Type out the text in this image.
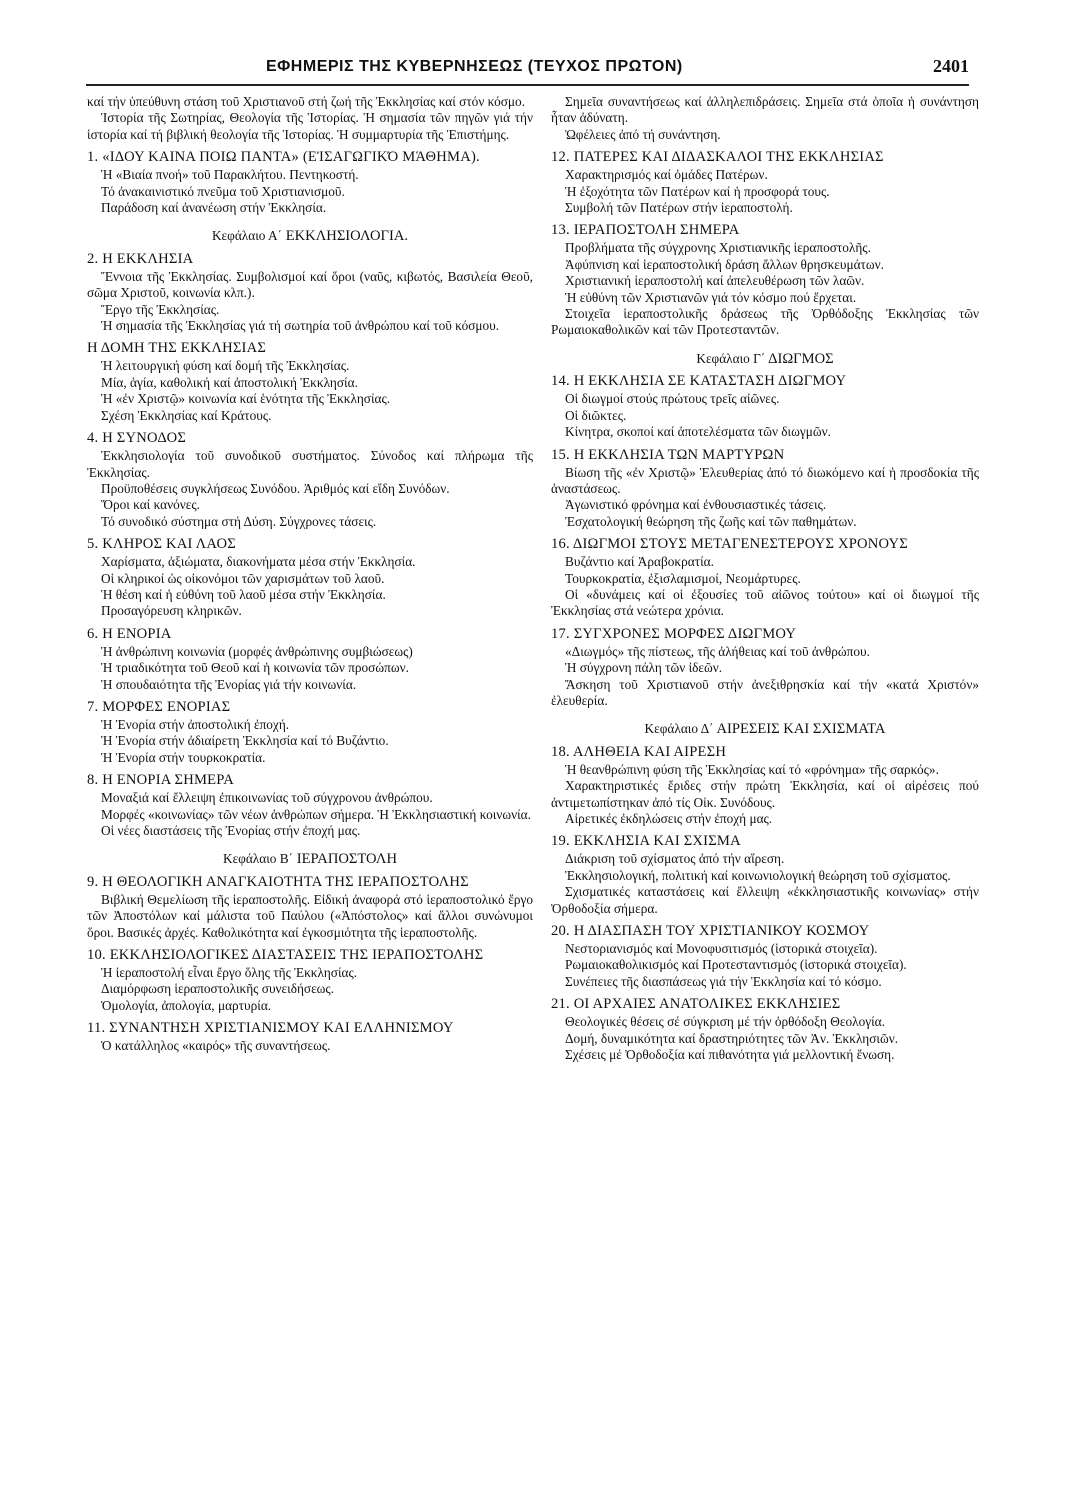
ΕΦΗΜΕΡΙΣ ΤΗΣ ΚΥΒΕΡΝΗΣΕΩΣ (ΤΕΥΧΟΣ ΠΡΩΤΟΝ)	2401

καί τήν ὑπεύθυνη στάση τοῦ Χριστιανοῦ στή ζωή τῆς Ἐκκλησίας καί στόν κόσμο.

Ἱστορία τῆς Σωτηρίας, Θεολογία τῆς Ἱστορίας. Ἡ σημασία τῶν πηγῶν γιά τήν ἱστορία καί τή βιβλική θεολογία τῆς Ἱστορίας. Ἡ συμμαρτυρία τῆς Ἐπιστήμης.

1. «ΙΔΟΥ ΚΑΙΝΑ ΠΟΙΩ ΠΑΝΤΑ» (ΕἸΣΑΓΩΓΙΚΌ ΜΆΘΗΜΑ).

Ἡ «Βιαία πνοή» τοῦ Παρακλήτου. Πεντηκοστή.

Τό ἀνακαινιστικό πνεῦμα τοῦ Χριστιανισμοῦ.

Παράδοση καί ἀνανέωση στήν Ἐκκλησία.

Κεφάλαιο Α΄ ΕΚΚΛΗΣΙΟΛΟΓΙΑ.
2. Η ΕΚΚΛΗΣΙΑ

Ἔννοια τῆς Ἐκκλησίας. Συμβολισμοί καί ὅροι (ναῦς, κιβωτός, Βασιλεία Θεοῦ, σῶμα Χριστοῦ, κοινωνία κλπ.).

Ἔργο τῆς Ἐκκλησίας.

Ἡ σημασία τῆς Ἐκκλησίας γιά τή σωτηρία τοῦ ἀνθρώπου καί τοῦ κόσμου.

Η ΔΟΜΗ ΤΗΣ ΕΚΚΛΗΣΙΑΣ

Ἡ λειτουργική φύση καί δομή τῆς Ἐκκλησίας.

Μία, ἁγία, καθολική καί ἀποστολική Ἐκκλησία.

Ἡ «ἐν Χριστῷ» κοινωνία καί ἑνότητα τῆς Ἐκκλησίας.

Σχέση Ἐκκλησίας καί Κράτους.

4. Η ΣΥΝΟΔΟΣ

Ἐκκλησιολογία τοῦ συνοδικοῦ συστήματος. Σύνοδος καί πλήρωμα τῆς Ἐκκλησίας.

Προϋποθέσεις συγκλήσεως Συνόδου. Ἀριθμός καί εἴδη Συνόδων.

Ὅροι καί κανόνες.

Τό συνοδικό σύστημα στή Δύση. Σύγχρονες τάσεις.

5. ΚΛΗΡΟΣ ΚΑΙ ΛΑΟΣ

Χαρίσματα, ἀξιώματα, διακονήματα μέσα στήν Ἐκκλησία.

Οἱ κληρικοί ὡς οἰκονόμοι τῶν χαρισμάτων τοῦ λαοῦ.

Ἡ θέση καί ἡ εὐθύνη τοῦ λαοῦ μέσα στήν Ἐκκλησία.

Προσαγόρευση κληρικῶν.

6. Η ΕΝΟΡΙΑ

Ἡ ἀνθρώπινη κοινωνία (μορφές ἀνθρώπινης συμβιώσεως)

Ἡ τριαδικότητα τοῦ Θεοῦ καί ἡ κοινωνία τῶν προσώπων.

Ἡ σπουδαιότητα τῆς Ἐνορίας γιά τήν κοινωνία.

7. ΜΟΡΦΕΣ ΕΝΟΡΙΑΣ

Ἡ Ἐνορία στήν ἀποστολική ἐποχή.

Ἡ Ἐνορία στήν ἀδιαίρετη Ἐκκλησία καί τό Βυζάντιο.

Ἡ Ἐνορία στήν τουρκοκρατία.

8. Η ΕΝΟΡΙΑ ΣΗΜΕΡΑ

Μοναξιά καί ἔλλειψη ἐπικοινωνίας τοῦ σύγχρονου ἀνθρώπου.

Μορφές «κοινωνίας» τῶν νέων ἀνθρώπων σήμερα. Ἡ Ἐκκλησιαστική κοινωνία.

Οἱ νέες διαστάσεις τῆς Ἐνορίας στήν ἐποχή μας.

Κεφάλαιο Β΄ ΙΕΡΑΠΟΣΤΟΛΗ
9. Η ΘΕΟΛΟΓΙΚΗ ΑΝΑΓΚΑΙΟΤΗΤΑ ΤΗΣ ΙΕΡΑΠΟΣΤΟΛΗΣ

Βιβλική Θεμελίωση τῆς ἱεραποστολῆς. Εἰδική ἀναφορά στό ἱεραποστολικό ἔργο τῶν Ἀποστόλων καί μάλιστα τοῦ Παύλου («Ἀπόστολος» καί ἄλλοι συνώνυμοι ὅροι. Βασικές ἀρχές. Καθολικότητα καί ἐγκοσμιότητα τῆς ἱεραποστολῆς.

10. ΕΚΚΛΗΣΙΟΛΟΓΙΚΕΣ ΔΙΑΣΤΑΣΕΙΣ ΤΗΣ ΙΕΡΑΠΟΣΤΟΛΗΣ

Ἡ ἱεραποστολή εἶναι ἔργο ὅλης τῆς Ἐκκλησίας.

Διαμόρφωση ἱεραποστολικῆς συνειδήσεως.

Ὁμολογία, ἀπολογία, μαρτυρία.

11. ΣΥΝΑΝΤΗΣΗ ΧΡΙΣΤΙΑΝΙΣΜΟΥ ΚΑΙ ΕΛΛΗΝΙΣΜΟΥ

Ὁ κατάλληλος «καιρός» τῆς συναντήσεως.

Σημεῖα συναντήσεως καί ἀλληλεπιδράσεις. Σημεῖα στά ὁποῖα ἡ συνάντηση ἦταν ἀδύνατη.

Ὠφέλειες ἀπό τή συνάντηση.

12. ΠΑΤΕΡΕΣ ΚΑΙ ΔΙΔΑΣΚΑΛΟΙ ΤΗΣ ΕΚΚΛΗΣΙΑΣ

Χαρακτηρισμός καί ὁμάδες Πατέρων.

Ἡ ἐξοχότητα τῶν Πατέρων καί ἡ προσφορά τους.

Συμβολή τῶν Πατέρων στήν ἱεραποστολή.

13. ΙΕΡΑΠΟΣΤΟΛΗ ΣΗΜΕΡΑ

Προβλήματα τῆς σύγχρονης Χριστιανικῆς ἱεραποστολῆς.

Ἀφύπνιση καί ἱεραποστολική δράση ἄλλων θρησκευμάτων.

Χριστιανική ἱεραποστολή καί ἀπελευθέρωση τῶν λαῶν.

Ἡ εὐθύνη τῶν Χριστιανῶν γιά τόν κόσμο πού ἔρχεται.

Στοιχεῖα ἱεραποστολικῆς δράσεως τῆς Ὀρθόδοξης Ἐκκλησίας τῶν Ρωμαιοκαθολικῶν καί τῶν Προτεσταντῶν.

Κεφάλαιο Γ΄ ΔΙΩΓΜΟΣ
14. Η ΕΚΚΛΗΣΙΑ ΣΕ ΚΑΤΑΣΤΑΣΗ ΔΙΩΓΜΟΥ

Οἱ διωγμοί στούς πρώτους τρεῖς αἰῶνες.

Οἱ διῶκτες.

Κίνητρα, σκοποί καί ἀποτελέσματα τῶν διωγμῶν.

15. Η ΕΚΚΛΗΣΙΑ ΤΩΝ ΜΑΡΤΥΡΩΝ

Βίωση τῆς «ἐν Χριστῷ» Ἐλευθερίας ἀπό τό διωκόμενο καί ἡ προσδοκία τῆς ἀναστάσεως.

Ἀγωνιστικό φρόνημα καί ἐνθουσιαστικές τάσεις.

Ἐσχατολογική θεώρηση τῆς ζωῆς καί τῶν παθημάτων.

16. ΔΙΩΓΜΟΙ ΣΤΟΥΣ ΜΕΤΑΓΕΝΕΣΤΕΡΟΥΣ ΧΡΟΝΟΥΣ

Βυζάντιο καί Ἀραβοκρατία.

Τουρκοκρατία, ἐξισλαμισμοί, Νεομάρτυρες.

Οἱ «δυνάμεις καί οἱ ἐξουσίες τοῦ αἰῶνος τούτου» καί οἱ διωγμοί τῆς Ἐκκλησίας στά νεώτερα χρόνια.

17. ΣΥΓΧΡΟΝΕΣ ΜΟΡΦΕΣ ΔΙΩΓΜΟΥ

«Διωγμός» τῆς πίστεως, τῆς ἀλήθειας καί τοῦ ἀνθρώπου.

Ἡ σύγχρονη πάλη τῶν ἰδεῶν.

Ἄσκηση τοῦ Χριστιανοῦ στήν ἀνεξιθρησκία καί τήν «κατά Χριστόν» ἐλευθερία.

Κεφάλαιο Δ΄ ΑΙΡΕΣΕΙΣ ΚΑΙ ΣΧΙΣΜΑΤΑ
18. ΑΛΗΘΕΙΑ ΚΑΙ ΑΙΡΕΣΗ

Ἡ θεανθρώπινη φύση τῆς Ἐκκλησίας καί τό «φρόνημα» τῆς σαρκός».

Χαρακτηριστικές ἔριδες στήν πρώτη Ἐκκλησία, καί οἱ αἱρέσεις πού ἀντιμετωπίστηκαν ἀπό τίς Οἰκ. Συνόδους.

Αἱρετικές ἐκδηλώσεις στήν ἐποχή μας.

19. ΕΚΚΛΗΣΙΑ ΚΑΙ ΣΧΙΣΜΑ

Διάκριση τοῦ σχίσματος ἀπό τήν αἵρεση.

Ἐκκλησιολογική, πολιτική καί κοινωνιολογική θεώρηση τοῦ σχίσματος.

Σχισματικές καταστάσεις καί ἔλλειψη «ἐκκλησιαστικῆς κοινωνίας» στήν Ὀρθοδοξία σήμερα.

20. Η ΔΙΑΣΠΑΣΗ ΤΟΥ ΧΡΙΣΤΙΑΝΙΚΟΥ ΚΟΣΜΟΥ

Νεστοριανισμός καί Μονοφυσιτισμός (ἱστορικά στοιχεῖα).

Ρωμαιοκαθολικισμός καί Προτεσταντισμός (ἱστορικά στοιχεῖα).

Συνέπειες τῆς διασπάσεως γιά τήν Ἐκκλησία καί τό κόσμο.

21. ΟΙ ΑΡΧΑΙΕΣ ΑΝΑΤΟΛΙΚΕΣ ΕΚΚΛΗΣΙΕΣ

Θεολογικές θέσεις σέ σύγκριση μέ τήν ὀρθόδοξη Θεολογία.

Δομή, δυναμικότητα καί δραστηριότητες τῶν Ἀν. Ἐκκλησιῶν.

Σχέσεις μέ Ὀρθοδοξία καί πιθανότητα γιά μελλοντική ἕνωση.
